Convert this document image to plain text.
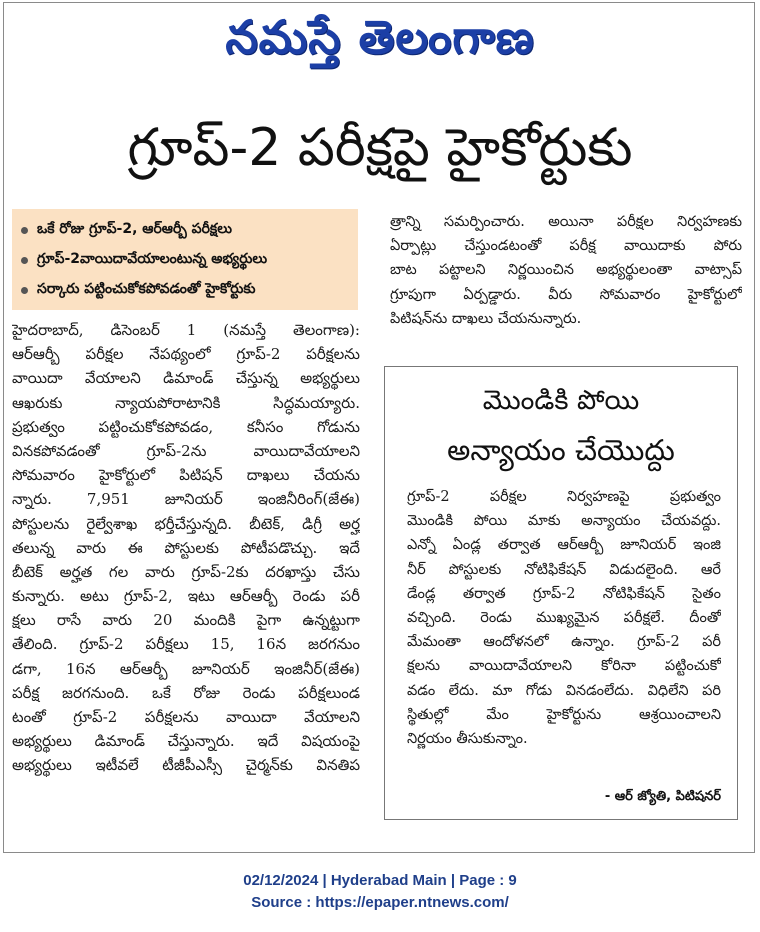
నమస్తే తెలంగాణ
గ్రూప్-2 పరీక్షపై హైకోర్టుకు
ఒకే రోజు గ్రూప్-2, ఆర్ఆర్బీ పరీక్షలు
గ్రూప్-2వాయిదావేయాలంటున్న అభ్యర్థులు
సర్కారు పట్టించుకోకపోవడంతో హైకోర్టుకు
హైదరాబాద్, డిసెంబర్ 1 (నమస్తే తెలంగాణ):
ఆర్ఆర్బీ పరీక్షల నేపథ్యంలో గ్రూప్-2 పరీక్షలను
వాయిదా వేయాలని డిమాండ్ చేస్తున్న అభ్యర్థులు
ఆఖరుకు న్యాయపోరాటానికి సిద్ధమయ్యారు.
ప్రభుత్వం పట్టించుకోకపోవడం, కనీసం గోడును
వినకపోవడంతో గ్రూప్-2ను వాయిదావేయాలని
సోమవారం హైకోర్టులో పిటిషన్ దాఖలు చేయను
న్నారు. 7,951 జూనియర్ ఇంజినీరింగ్(జేఈ)
పోస్టులను రైల్వేశాఖ భర్తీచేస్తున్నది. బీటెక్, డిగ్రీ అర్హ
తలున్న వారు ఈ పోస్టులకు పోటీపడొచ్చు. ఇదే
బీటెక్ అర్హత గల వారు గ్రూప్-2కు దరఖాస్తు చేసు
కున్నారు. అటు గ్రూప్-2, ఇటు ఆర్ఆర్బీ రెండు పరీ
క్షలు రాసే వారు 20 మందికి పైగా ఉన్నట్టుగా
తేలింది. గ్రూప్-2 పరీక్షలు 15, 16న జరగనుం
డగా, 16న ఆర్ఆర్బీ జూనియర్ ఇంజినీర్(జేఈ)
పరీక్ష జరగనుంది. ఒకే రోజు రెండు పరీక్షలుండ
టంతో గ్రూప్-2 పరీక్షలను వాయిదా వేయాలని
అభ్యర్థులు డిమాండ్ చేస్తున్నారు. ఇదే విషయంపై
అభ్యర్థులు ఇటీవలే టీజీపీఎస్సీ చైర్మన్‌కు వినతిప
త్రాన్ని సమర్పించారు. అయినా పరీక్షల నిర్వహణకు
ఏర్పాట్లు చేస్తుండటంతో పరీక్ష వాయిదాకు పోరు
బాట పట్టాలని నిర్ణయించిన అభ్యర్థులంతా వాట్సాప్
గ్రూపుగా ఏర్పడ్డారు. వీరు సోమవారం హైకోర్టులో
పిటిషన్‌ను దాఖలు చేయనున్నారు.
మొండికి పోయి
అన్యాయం చేయొద్దు
గ్రూప్-2 పరీక్షల నిర్వహణపై ప్రభుత్వం
మొండికి పోయి మాకు అన్యాయం చేయవద్దు.
ఎన్నో ఏండ్ల తర్వాత ఆర్ఆర్బీ జూనియర్ ఇంజి
నీర్ పోస్టులకు నోటిఫికేషన్ విడుదలైంది. ఆరే
డేండ్ల తర్వాత గ్రూప్-2 నోటిఫికేషన్ సైతం
వచ్చింది. రెండు ముఖ్యమైన పరీక్షలే. దీంతో
మేమంతా ఆందోళనలో ఉన్నాం. గ్రూప్-2 పరీ
క్షలను వాయిదావేయాలని కోరినా పట్టించుకో
వడం లేదు. మా గోడు వినడంలేదు. విధిలేని పరి
స్థితుల్లో మేం హైకోర్టును ఆశ్రయించాలని
నిర్ణయం తీసుకున్నాం.
- ఆర్ జ్యోతి, పిటిషనర్
02/12/2024 | Hyderabad Main | Page : 9
Source : https://epaper.ntnews.com/
